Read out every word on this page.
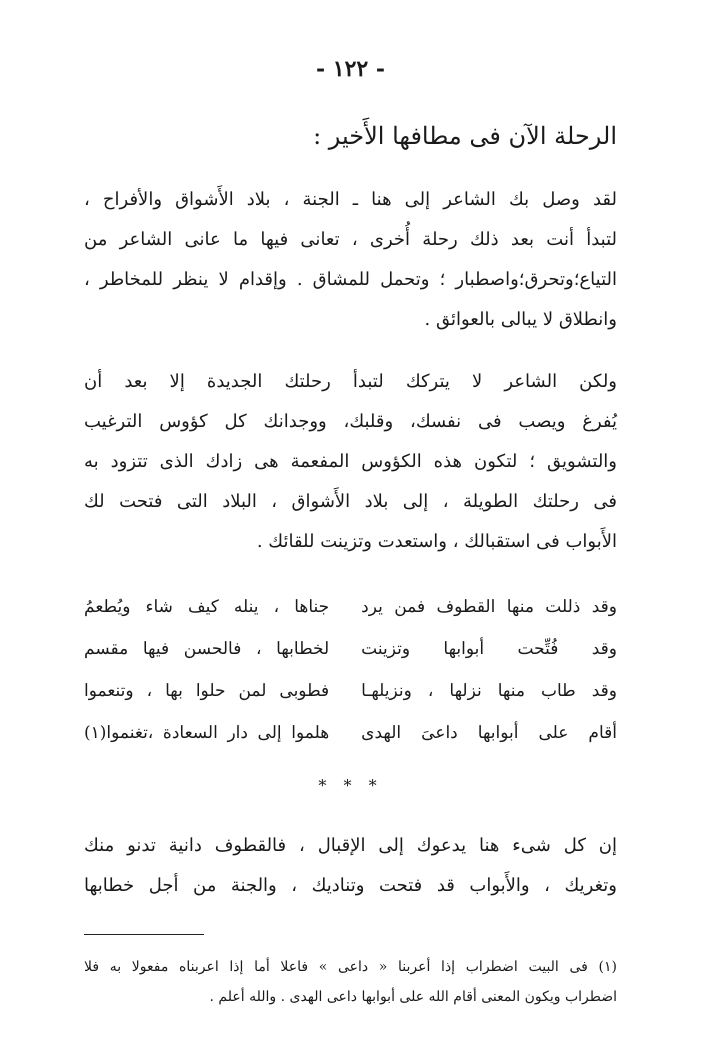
- ١٢٢ -
الرحلة الآن فى مطافها الأَخير :
لقد وصل بك الشاعر إلى هنا ـ الجنة ، بلاد الأَشواق والأفراح ،
لتبدأ أنت بعد ذلك رحلة أُخرى ، تعانى فيها ما عانى الشاعر من
التياع؛وتحرق؛واصطبار ؛ وتحمل للمشاق . وإقدام لا ينظر للمخاطر ،
وانطلاق لا يبالى بالعوائق .
ولكن الشاعر لا يتركك لتبدأ رحلتك الجديدة إلا بعد أن
يُفرغ ويصب فى نفسك، وقلبك، ووجدانك كل كؤوس الترغيب
والتشويق ؛ لتكون هذه الكؤوس المفعمة هى زادك الذى تتزود به
فى رحلتك الطويلة ، إلى بلاد الأَشواق ، البلاد التى فتحت لك
الأَبواب فى استقبالك ، واستعدت وتزينت للقائك .
وقد ذللت منها القطوف فمن يرد
جناها ، ينله كيف شاء ويُطعمُ
وقد فُتِّحت أبوابها وتزينت
لخطابها ، فالحسن فيها مقسم
وقد طاب منها نزلها ، ونزيلهـا
فطوبى لمن حلوا بها ، وتنعموا
أقام على أبوابها داعىَ الهدى
هلموا إلى دار السعادة ،تغنموا(١)
* * *
إن كل شىء هنا يدعوك إلى الإقبال ، فالقطوف دانية تدنو منك
وتغريك ، والأَبواب قد فتحت وتناديك ، والجنة من أجل خطابها
(١) فى البيت اضطراب إذا أعربنا « داعى » فاعلا أما إذا اعربناه مفعولا به فلا
اضطراب ويكون المعنى أقام الله على أبوابها داعى الهدى . والله أعلم .
